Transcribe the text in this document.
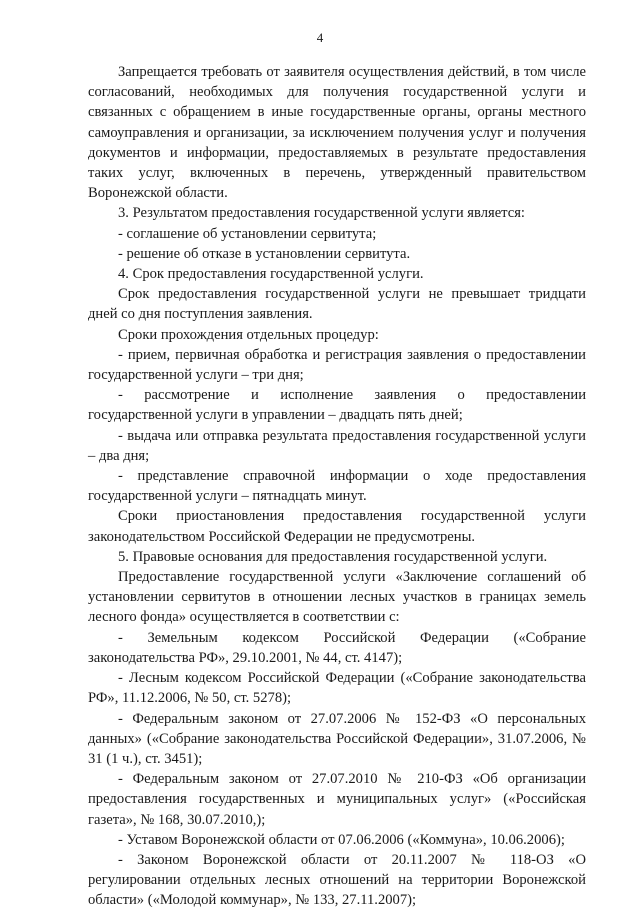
4

Запрещается требовать от заявителя осуществления действий, в том числе согласований, необходимых для получения государственной услуги и связанных с обращением в иные государственные органы, органы местного самоуправления и организации, за исключением получения услуг и получения документов и информации, предоставляемых в результате предоставления таких услуг, включенных в перечень, утвержденный правительством Воронежской области.

3. Результатом предоставления государственной услуги является:

- соглашение об установлении сервитута;

- решение об отказе в установлении сервитута.

4. Срок предоставления государственной услуги.

Срок предоставления государственной услуги не превышает тридцати дней со дня поступления заявления.

Сроки прохождения отдельных процедур:

- прием, первичная обработка и регистрация заявления о предоставлении государственной услуги – три дня;

- рассмотрение и исполнение заявления о предоставлении государственной услуги в управлении – двадцать пять дней;

- выдача или отправка результата предоставления государственной услуги – два дня;

- представление справочной информации о ходе предоставления государственной услуги – пятнадцать минут.

Сроки приостановления предоставления государственной услуги законодательством Российской Федерации не предусмотрены.

5. Правовые основания для предоставления государственной услуги.

Предоставление государственной услуги «Заключение соглашений об установлении сервитутов в отношении лесных участков в границах земель лесного фонда» осуществляется в соответствии с:

- Земельным кодексом Российской Федерации («Собрание законодательства РФ», 29.10.2001, № 44, ст. 4147);

- Лесным кодексом Российской Федерации («Собрание законодательства РФ», 11.12.2006, № 50, ст. 5278);

- Федеральным законом от 27.07.2006 № 152-ФЗ «О персональных данных» («Собрание законодательства Российской Федерации», 31.07.2006, № 31 (1 ч.), ст. 3451);

- Федеральным законом от 27.07.2010 № 210-ФЗ «Об организации предоставления государственных и муниципальных услуг» («Российская газета», № 168, 30.07.2010,);

- Уставом Воронежской области от 07.06.2006 («Коммуна», 10.06.2006);

- Законом Воронежской области от 20.11.2007 № 118-ОЗ «О регулировании отдельных лесных отношений на территории Воронежской области» («Молодой коммунар», № 133, 27.11.2007);
